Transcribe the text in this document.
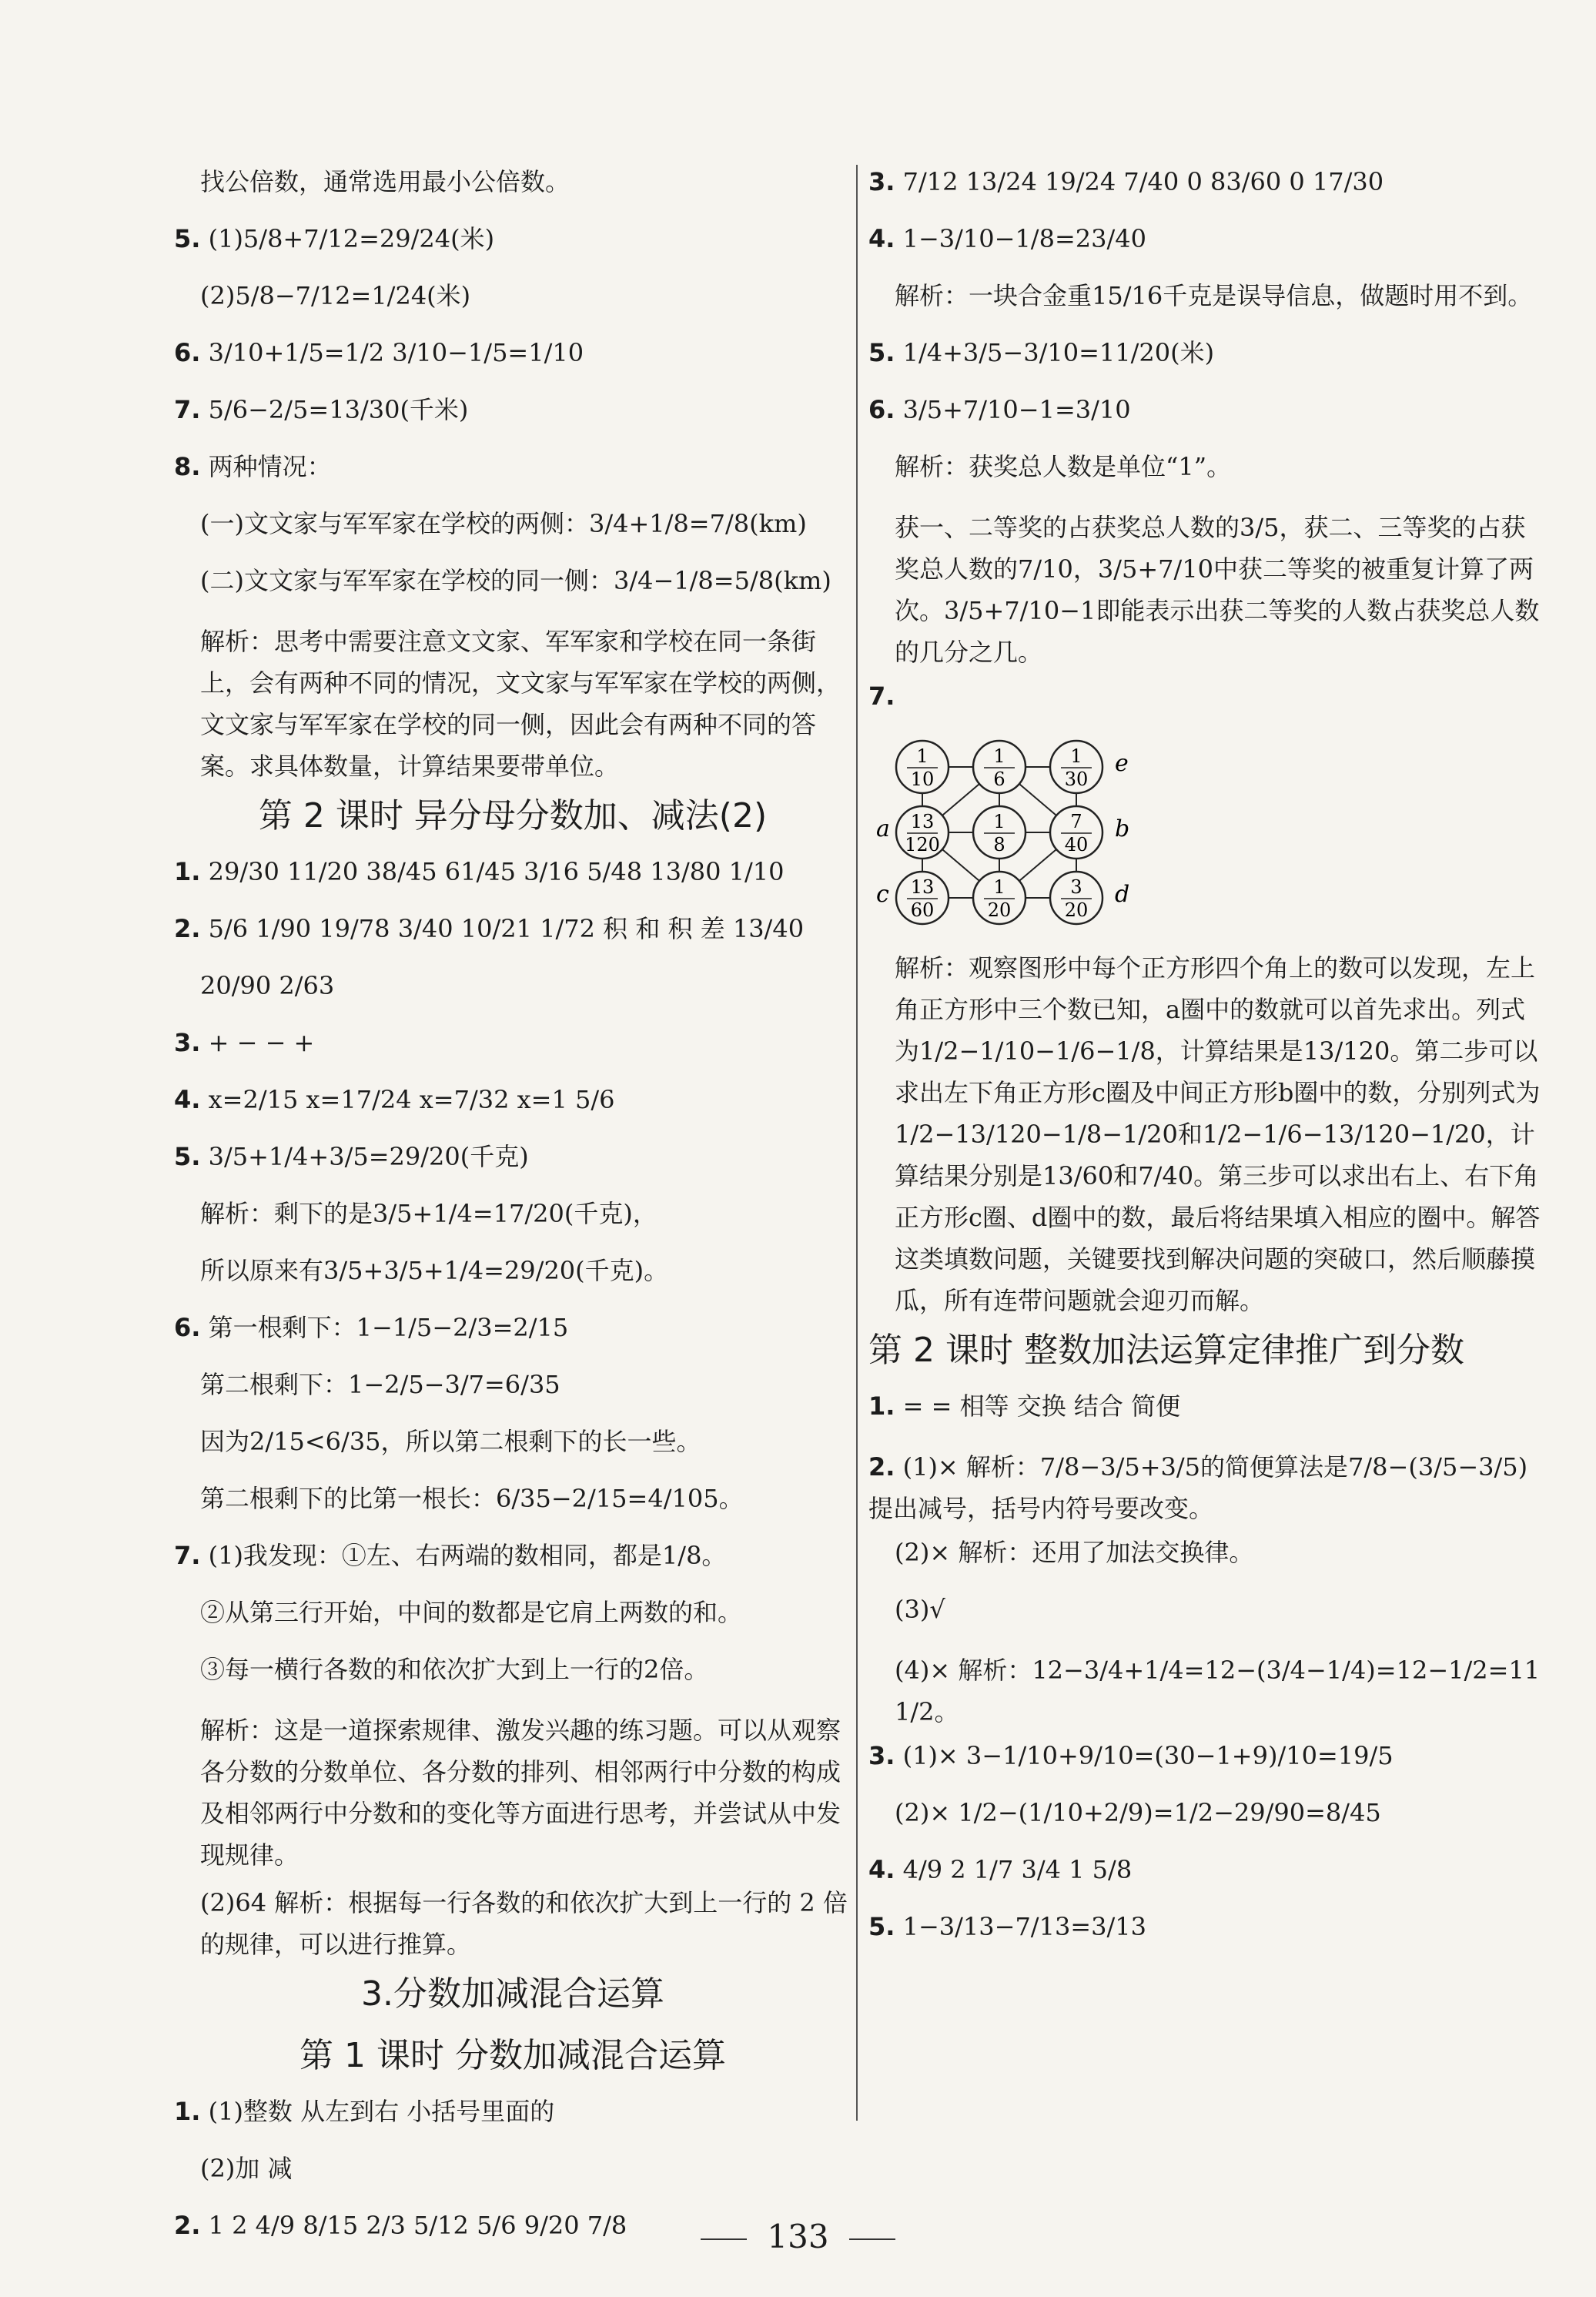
找公倍数，通常选用最小公倍数。
5. (1)5/8+7/12=29/24(米)
(2)5/8−7/12=1/24(米)
6. 3/10+1/5=1/2 3/10−1/5=1/10
7. 5/6−2/5=13/30(千米)
8. 两种情况：
(一)文文家与军军家在学校的两侧：3/4+1/8=7/8(km)
(二)文文家与军军家在学校的同一侧：3/4−1/8=5/8(km)
解析：思考中需要注意文文家、军军家和学校在同一条街上，会有两种不同的情况，文文家与军军家在学校的两侧，文文家与军军家在学校的同一侧，因此会有两种不同的答案。求具体数量，计算结果要带单位。
第 2 课时 异分母分数加、减法(2)
1. 29/30 11/20 38/45 61/45 3/16 5/48 13/80 1/10
2. 5/6 1/90 19/78 3/40 10/21 1/72 积 和 积 差 13/40
20/90 2/63
3. + − − +
4. x=2/15 x=17/24 x=7/32 x=1 5/6
5. 3/5+1/4+3/5=29/20(千克)
解析：剩下的是3/5+1/4=17/20(千克)，
所以原来有3/5+3/5+1/4=29/20(千克)。
6. 第一根剩下：1−1/5−2/3=2/15
第二根剩下：1−2/5−3/7=6/35
因为2/15<6/35，所以第二根剩下的长一些。
第二根剩下的比第一根长：6/35−2/15=4/105。
7. (1)我发现：①左、右两端的数相同，都是1/8。
②从第三行开始，中间的数都是它肩上两数的和。
③每一横行各数的和依次扩大到上一行的2倍。
解析：这是一道探索规律、激发兴趣的练习题。可以从观察各分数的分数单位、各分数的排列、相邻两行中分数的构成及相邻两行中分数和的变化等方面进行思考，并尝试从中发现规律。
(2)64 解析：根据每一行各数的和依次扩大到上一行的 2 倍的规律，可以进行推算。
3.分数加减混合运算
第 1 课时 分数加减混合运算
1. (1)整数 从左到右 小括号里面的
(2)加 减
2. 1 2 4/9 8/15 2/3 5/12 5/6 9/20 7/8
3. 7/12 13/24 19/24 7/40 0 83/60 0 17/30
4. 1−3/10−1/8=23/40
解析：一块合金重15/16千克是误导信息，做题时用不到。
5. 1/4+3/5−3/10=11/20(米)
6. 3/5+7/10−1=3/10
解析：获奖总人数是单位“1”。
获一、二等奖的占获奖总人数的3/5，获二、三等奖的占获奖总人数的7/10，3/5+7/10中获二等奖的被重复计算了两次。3/5+7/10−1即能表示出获二等奖的人数占获奖总人数的几分之几。
7.
1
10
1
6
1
30
13
120
1
8
7
40
13
60
1
20
3
20
e
a	b
c	d
解析：观察图形中每个正方形四个角上的数可以发现，左上角正方形中三个数已知，a圈中的数就可以首先求出。列式为1/2−1/10−1/6−1/8，计算结果是13/120。第二步可以求出左下角正方形c圈及中间正方形b圈中的数，分别列式为1/2−13/120−1/8−1/20和1/2−1/6−13/120−1/20，计算结果分别是13/60和7/40。第三步可以求出右上、右下角正方形c圈、d圈中的数，最后将结果填入相应的圈中。解答这类填数问题，关键要找到解决问题的突破口，然后顺藤摸瓜，所有连带问题就会迎刃而解。
第 2 课时 整数加法运算定律推广到分数
1. = = 相等 交换 结合 简便
2. (1)× 解析：7/8−3/5+3/5的简便算法是7/8−(3/5−3/5)提出减号，括号内符号要改变。
(2)× 解析：还用了加法交换律。
(3)√
(4)× 解析：12−3/4+1/4=12−(3/4−1/4)=12−1/2=11 1/2。
3. (1)× 3−1/10+9/10=(30−1+9)/10=19/5
(2)× 1/2−(1/10+2/9)=1/2−29/90=8/45
4. 4/9 2 1/7 3/4 1 5/8
5. 1−3/13−7/13=3/13
133
